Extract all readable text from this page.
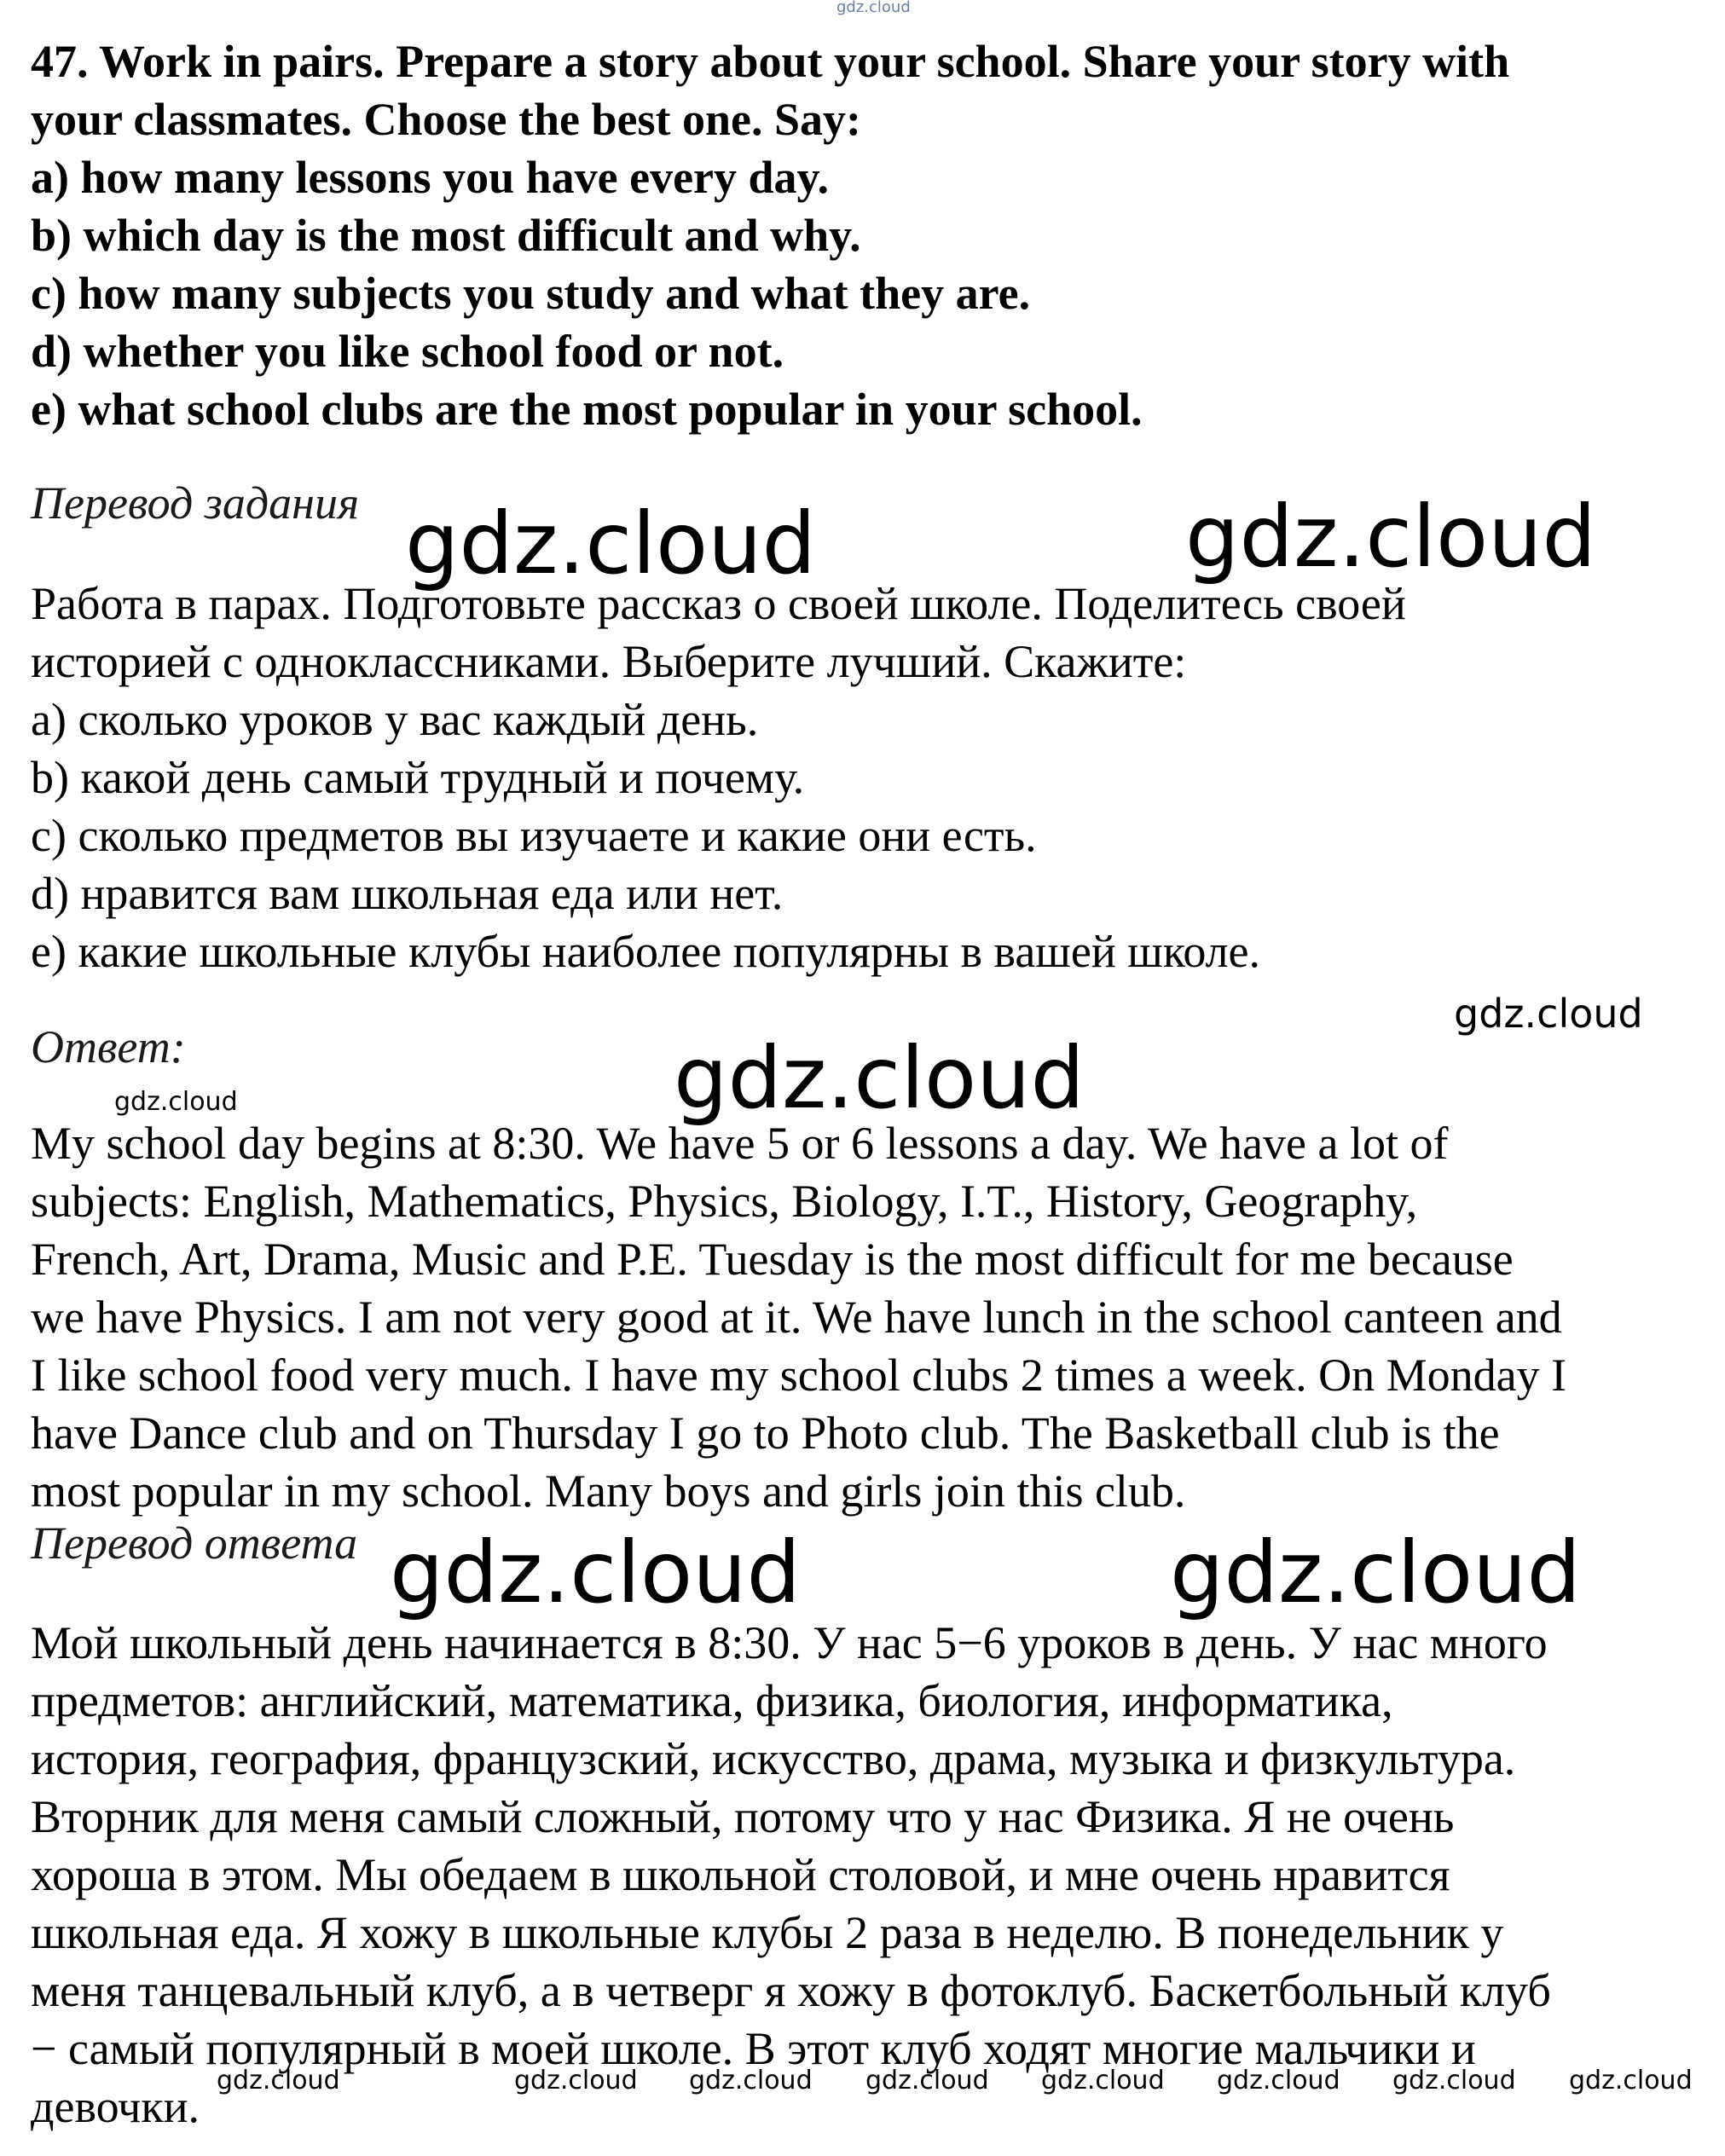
47. Work in pairs. Prepare a story about your school. Share your story with
your classmates. Choose the best one. Say:
a) how many lessons you have every day.
b) which day is the most difficult and why.
c) how many subjects you study and what they are.
d) whether you like school food or not.
e) what school clubs are the most popular in your school.
Перевод задания
Работа в парах. Подготовьте рассказ о своей школе. Поделитесь своей
историей с одноклассниками. Выберите лучший. Скажите:
а) сколько уроков у вас каждый день.
b) какой день самый трудный и почему.
c) сколько предметов вы изучаете и какие они есть.
d) нравится вам школьная еда или нет.
e) какие школьные клубы наиболее популярны в вашей школе.
Ответ:
My school day begins at 8:30. We have 5 or 6 lessons a day. We have a lot of
subjects: English, Mathematics, Physics, Biology, I.T., History, Geography,
French, Art, Drama, Music and P.E. Tuesday is the most difficult for me because
we have Physics. I am not very good at it. We have lunch in the school canteen and
I like school food very much. I have my school clubs 2 times a week. On Monday I
have Dance club and on Thursday I go to Photo club. The Basketball club is the
most popular in my school. Many boys and girls join this club.
Перевод ответа
Мой школьный день начинается в 8:30. У нас 5−6 уроков в день. У нас много
предметов: английский, математика, физика, биология, информатика,
история, география, французский, искусство, драма, музыка и физкультура.
Вторник для меня самый сложный, потому что у нас Физика. Я не очень
хороша в этом. Мы обедаем в школьной столовой, и мне очень нравится
школьная еда. Я хожу в школьные клубы 2 раза в неделю. В понедельник у
меня танцевальный клуб, а в четверг я хожу в фотоклуб. Баскетбольный клуб
− самый популярный в моей школе. В этот клуб ходят многие мальчики и
девочки.
gdz.cloud
gdz.cloud	gdz.cloud
gdz.cloud
gdz.cloud
gdz.cloud
gdz.cloud	gdz.cloud
gdz.cloud	gdz.cloud gdz.cloud gdz.cloud gdz.cloud gdz.cloud gdz.cloud gdz.cloud
